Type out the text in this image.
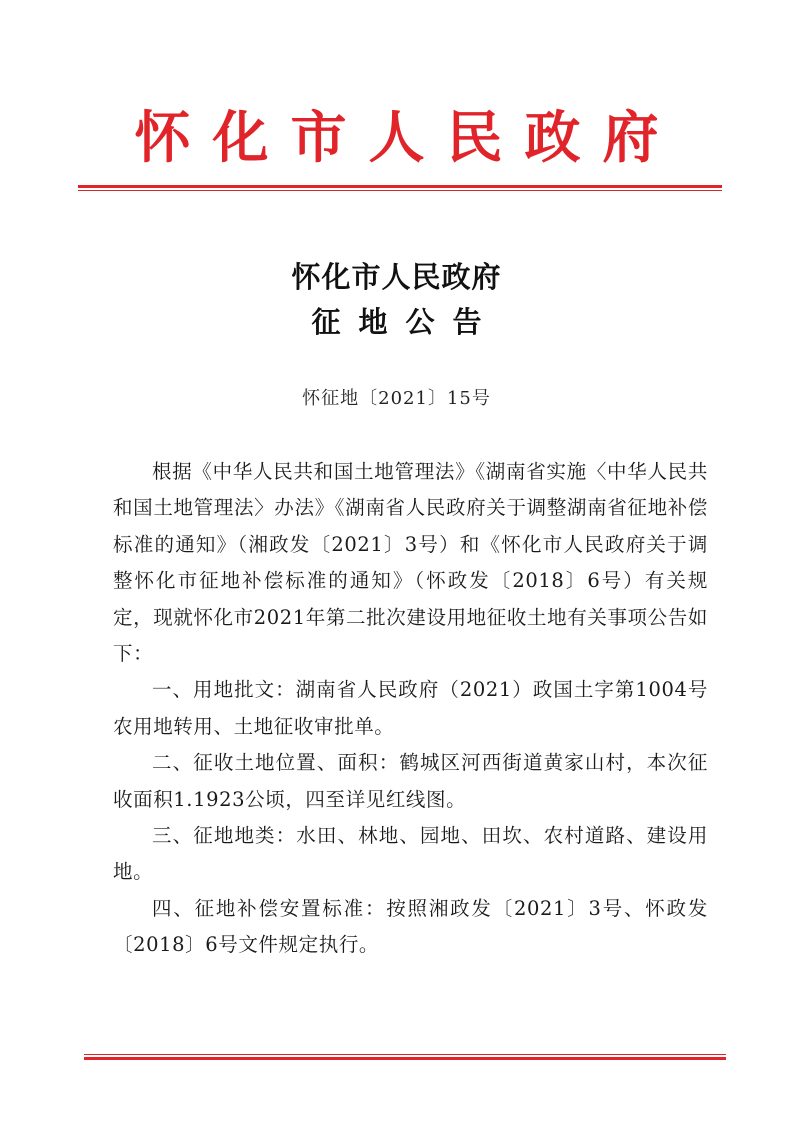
怀化市人民政府
怀化市人民政府
征地公告
怀征地〔2021〕15号

根据《中华人民共和国土地管理法》《湖南省实施〈中华人民共和国土地管理法〉办法》《湖南省人民政府关于调整湖南省征地补偿标准的通知》（湘政发〔2021〕3号）和《怀化市人民政府关于调整怀化市征地补偿标准的通知》（怀政发〔2018〕6号）有关规定，现就怀化市2021年第二批次建设用地征收土地有关事项公告如下：

一、用地批文：湖南省人民政府（2021）政国土字第1004号农用地转用、土地征收审批单。

二、征收土地位置、面积：鹤城区河西街道黄家山村，本次征收面积1.1923公顷，四至详见红线图。

三、征地地类：水田、林地、园地、田坎、农村道路、建设用地。

四、征地补偿安置标准：按照湘政发〔2021〕3号、怀政发〔2018〕6号文件规定执行。
